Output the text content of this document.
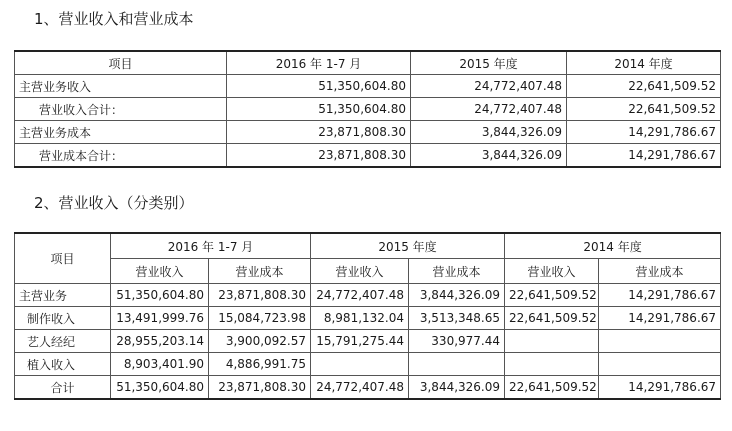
1、营业收入和营业成本
项目	2016 年 1-7 月	2015 年度	2014 年度
主营业务收入	51,350,604.80	24,772,407.48	22,641,509.52
营业收入合计：	51,350,604.80	24,772,407.48	22,641,509.52
主营业务成本	23,871,808.30	3,844,326.09	14,291,786.67
营业成本合计：	23,871,808.30	3,844,326.09	14,291,786.67
2、营业收入（分类别）
项目	2016 年 1-7 月		2015 年度		2014 年度	
	营业收入	营业成本	营业收入	营业成本	营业收入	营业成本
主营业务	51,350,604.80	23,871,808.30	24,772,407.48	3,844,326.09	22,641,509.52	14,291,786.67
制作收入	13,491,999.76	15,084,723.98	8,981,132.04	3,513,348.65	22,641,509.52	14,291,786.67
艺人经纪	28,955,203.14	3,900,092.57	15,791,275.44	330,977.44		
植入收入	8,903,401.90	4,886,991.75				
合计	51,350,604.80	23,871,808.30	24,772,407.48	3,844,326.09	22,641,509.52	14,291,786.67
